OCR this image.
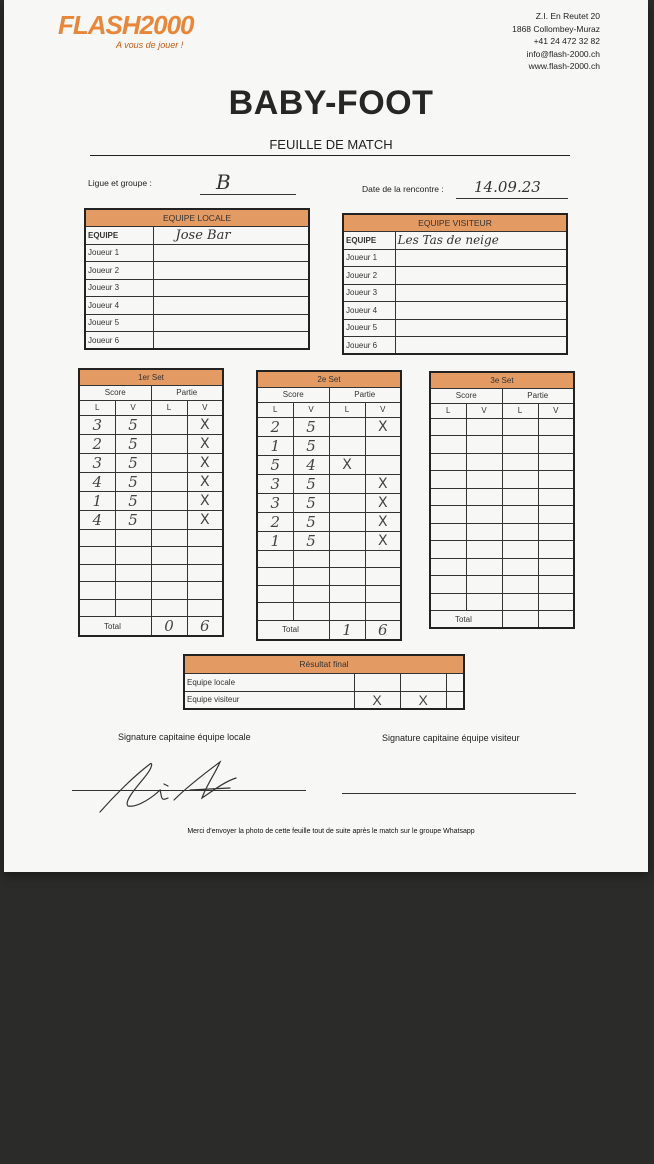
FLASH2000
A vous de jouer !
Z.I. En Reutet 20
1868 Collombey-Muraz
+41 24 472 32 82
info@flash-2000.ch
www.flash-2000.ch
BABY-FOOT
FEUILLE DE MATCH
Ligue et groupe :	B	Date de la rencontre : 14.09.23
EQUIPE LOCALE	
EQUIPE	Jose Bar
Joueur 1	
Joueur 2	
Joueur 3	
Joueur 4	
Joueur 5	
Joueur 6	
EQUIPE VISITEUR	
EQUIPE	Les Tas de neige
Joueur 1	
Joueur 2	
Joueur 3	
Joueur 4	
Joueur 5	
Joueur 6	
1er Set			
Score		Partie	
L	V	L	V
3	5		X
2	5		X
3	5		X
4	5		X
1	5		X
4	5		X

Total		0	6
2e Set			
Score		Partie	
L	V	L	V
2	5		X
1	5		
5	4	X	
3	5		X
3	5		X
2	5		X
1	5		X

Total		1	6
3e Set			
Score		Partie	
L	V	L	V

Total			
Résultat final			
Equipe locale			
Equipe visiteur	X	X	
Signature capitaine équipe locale	Signature capitaine équipe visiteur
Merci d'envoyer la photo de cette feuille tout de suite après le match sur le groupe Whatsapp
